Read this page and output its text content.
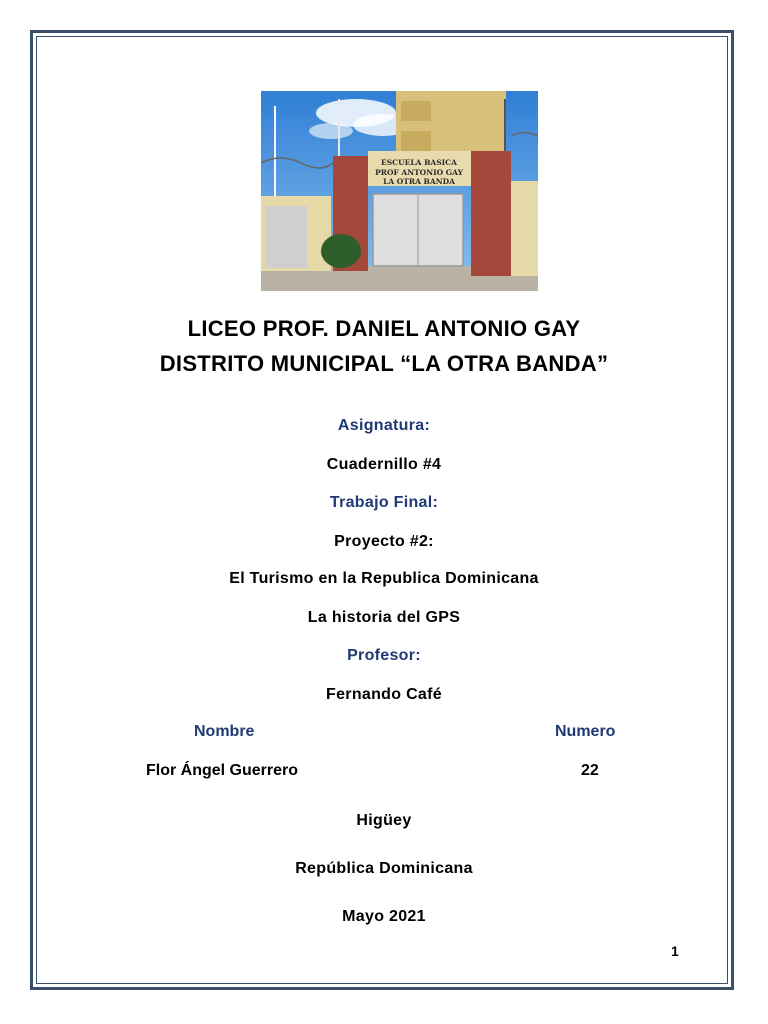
ESCUELA BASICA
PROF ANTONIO GAY
LA OTRA BANDA
LICEO PROF. DANIEL ANTONIO GAY
DISTRITO MUNICIPAL “LA OTRA BANDA”
Asignatura:
Cuadernillo #4
Trabajo Final:
Proyecto #2:
El Turismo en la Republica Dominicana
La historia del GPS
Profesor:
Fernando Café
Nombre	Numero
Flor Ángel Guerrero	22
Higüey
República Dominicana
Mayo 2021
1
